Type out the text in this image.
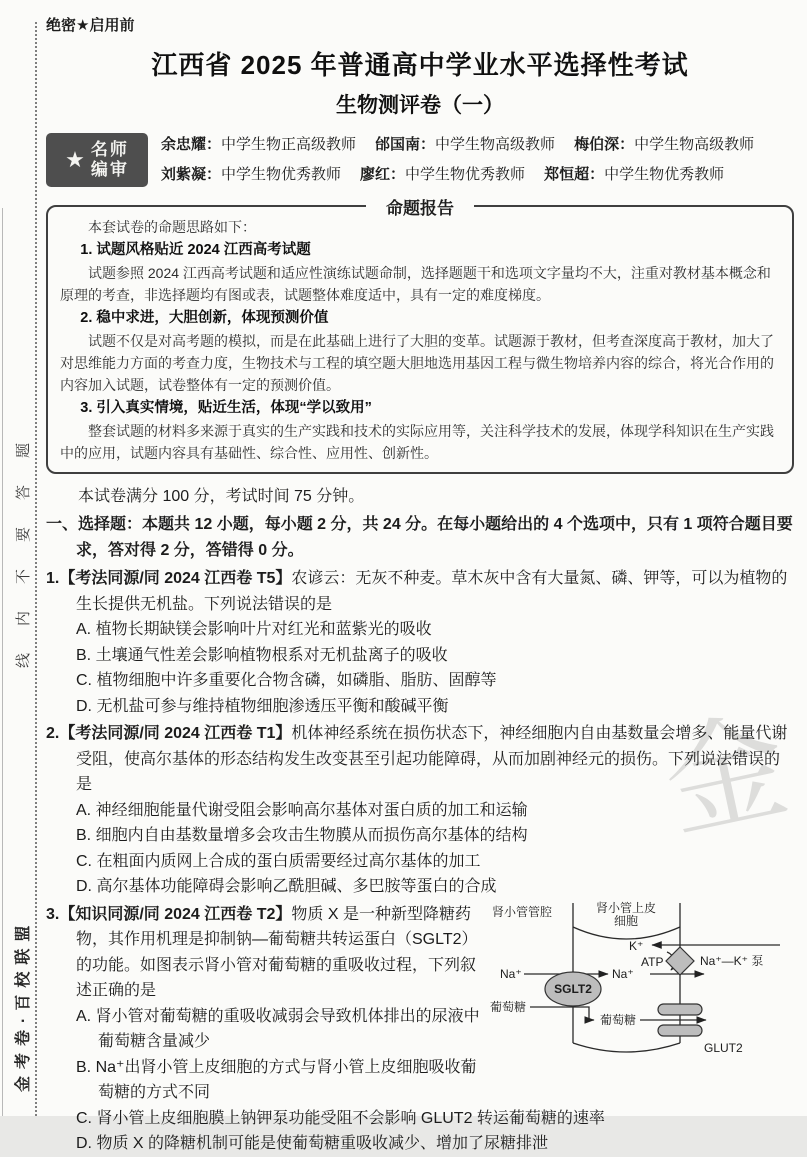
线内不要答题
金考卷·百校联盟
金
绝密★启用前
江西省 2025 年普通高中学业水平选择性考试
生物测评卷（一）
★ 名师
编审
余忠耀：中学生物正高级教师 邰国南：中学生物高级教师 梅伯深：中学生物高级教师
刘紫凝：中学生物优秀教师 廖红：中学生物优秀教师 郑恒超：中学生物优秀教师
命题报告

本套试卷的命题思路如下：

1. 试题风格贴近 2024 江西高考试题

试题参照 2024 江西高考试题和适应性演练试题命制，选择题题干和选项文字量均不大，注重对教材基本概念和原理的考查，非选择题均有图或表，试题整体难度适中，具有一定的难度梯度。

2. 稳中求进，大胆创新，体现预测价值

试题不仅是对高考题的模拟，而是在此基础上进行了大胆的变革。试题源于教材，但考查深度高于教材，加大了对思维能力方面的考查力度，生物技术与工程的填空题大胆地选用基因工程与微生物培养内容的综合，将光合作用的内容加入试题，试卷整体有一定的预测价值。

3. 引入真实情境，贴近生活，体现“学以致用”

整套试题的材料多来源于真实的生产实践和技术的实际应用等，关注科学技术的发展，体现学科知识在生产实践中的应用，试题内容具有基础性、综合性、应用性、创新性。

本试卷满分 100 分，考试时间 75 分钟。

一、选择题：本题共 12 小题，每小题 2 分，共 24 分。在每小题给出的 4 个选项中，只有 1 项符合题目要求，答对得 2 分，答错得 0 分。

1.【考法同源/同 2024 江西卷 T5】农谚云：无灰不种麦。草木灰中含有大量氮、磷、钾等，可以为植物的生长提供无机盐。下列说法错误的是
A. 植物长期缺镁会影响叶片对红光和蓝紫光的吸收
B. 土壤通气性差会影响植物根系对无机盐离子的吸收
C. 植物细胞中许多重要化合物含磷，如磷脂、脂肪、固醇等
D. 无机盐可参与维持植物细胞渗透压平衡和酸碱平衡
2.【考法同源/同 2024 江西卷 T1】机体神经系统在损伤状态下，神经细胞内自由基数量会增多、能量代谢受阻，使高尔基体的形态结构发生改变甚至引起功能障碍，从而加剧神经元的损伤。下列说法错误的是
A. 神经细胞能量代谢受阻会影响高尔基体对蛋白质的加工和运输
B. 细胞内自由基数量增多会攻击生物膜从而损伤高尔基体的结构
C. 在粗面内质网上合成的蛋白质需要经过高尔基体的加工
D. 高尔基体功能障碍会影响乙酰胆碱、多巴胺等蛋白的合成
肾小管管腔	肾小管上皮
细胞
K⁺
ATP
Na⁺	Na⁺
Na⁺—K⁺ 泵
SGLT2
葡萄糖
葡萄糖
GLUT2
3.【知识同源/同 2024 江西卷 T2】物质 X 是一种新型降糖药物，其作用机理是抑制钠—葡萄糖共转运蛋白（SGLT2）的功能。如图表示肾小管对葡萄糖的重吸收过程，下列叙述正确的是
A. 肾小管对葡萄糖的重吸收减弱会导致机体排出的尿液中葡萄糖含量减少
B. Na⁺出肾小管上皮细胞的方式与肾小管上皮细胞吸收葡萄糖的方式不同
C. 肾小管上皮细胞膜上钠钾泵功能受阻不会影响 GLUT2 转运葡萄糖的速率
D. 物质 X 的降糖机制可能是使葡萄糖重吸收减少、增加了尿糖排泄
